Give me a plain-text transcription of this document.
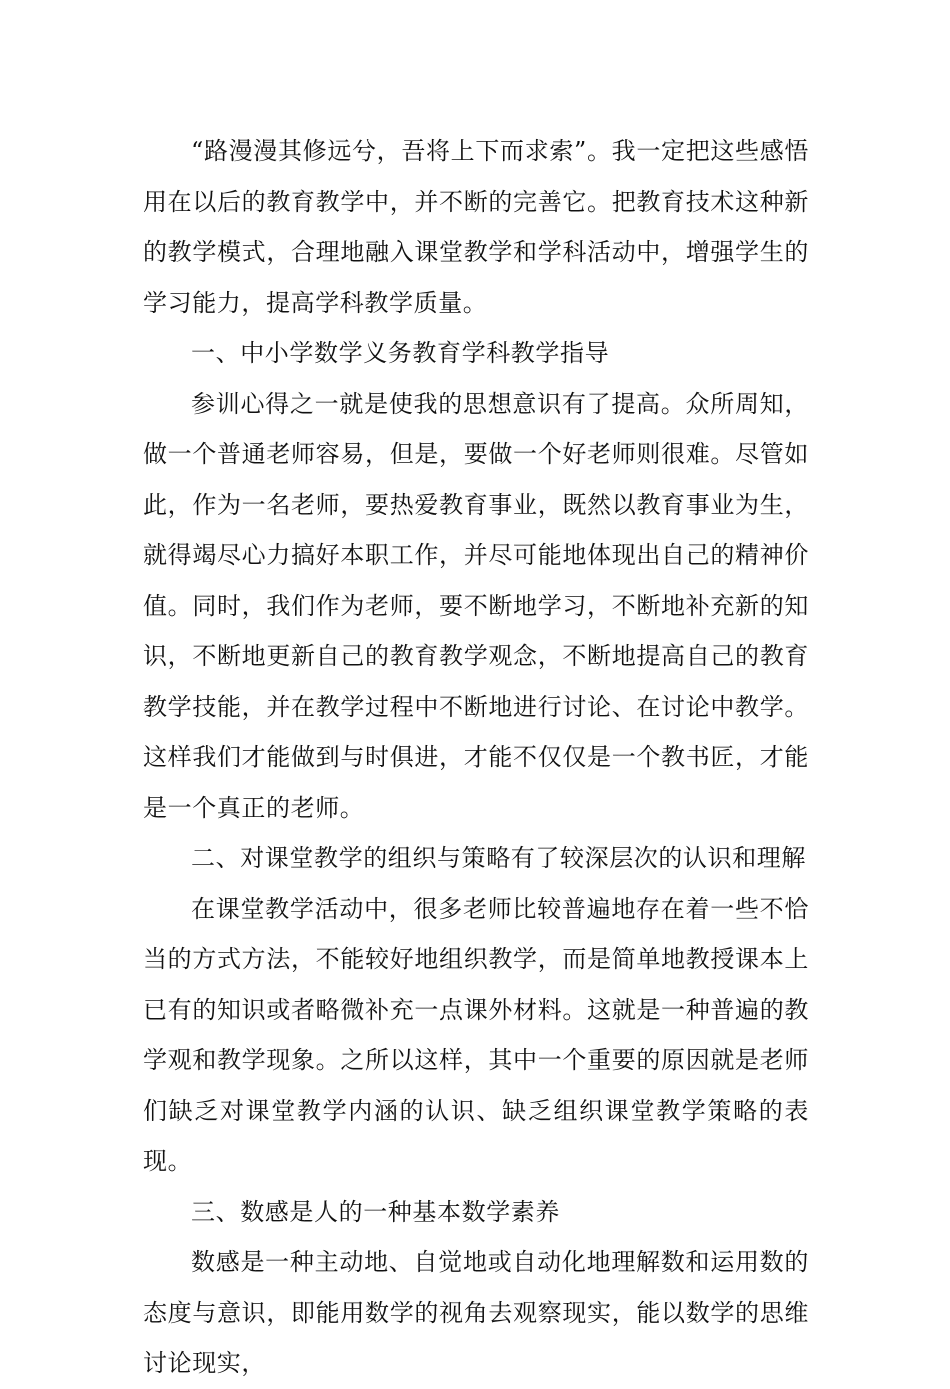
“路漫漫其修远兮，吾将上下而求索”。我一定把这些感悟用在以后的教育教学中，并不断的完善它。把教育技术这种新的教学模式，合理地融入课堂教学和学科活动中，增强学生的学习能力，提高学科教学质量。

一、中小学数学义务教育学科教学指导

参训心得之一就是使我的思想意识有了提高。众所周知，做一个普通老师容易，但是，要做一个好老师则很难。尽管如此，作为一名老师，要热爱教育事业，既然以教育事业为生，就得竭尽心力搞好本职工作，并尽可能地体现出自己的精神价值。同时，我们作为老师，要不断地学习，不断地补充新的知识，不断地更新自己的教育教学观念，不断地提高自己的教育教学技能，并在教学过程中不断地进行讨论、在讨论中教学。这样我们才能做到与时俱进，才能不仅仅是一个教书匠，才能是一个真正的老师。

二、对课堂教学的组织与策略有了较深层次的认识和理解

在课堂教学活动中，很多老师比较普遍地存在着一些不恰当的方式方法，不能较好地组织教学，而是简单地教授课本上已有的知识或者略微补充一点课外材料。这就是一种普遍的教学观和教学现象。之所以这样，其中一个重要的原因就是老师们缺乏对课堂教学内涵的认识、缺乏组织课堂教学策略的表现。

三、数感是人的一种基本数学素养

数感是一种主动地、自觉地或自动化地理解数和运用数的态度与意识，即能用数学的视角去观察现实，能以数学的思维讨论现实，
